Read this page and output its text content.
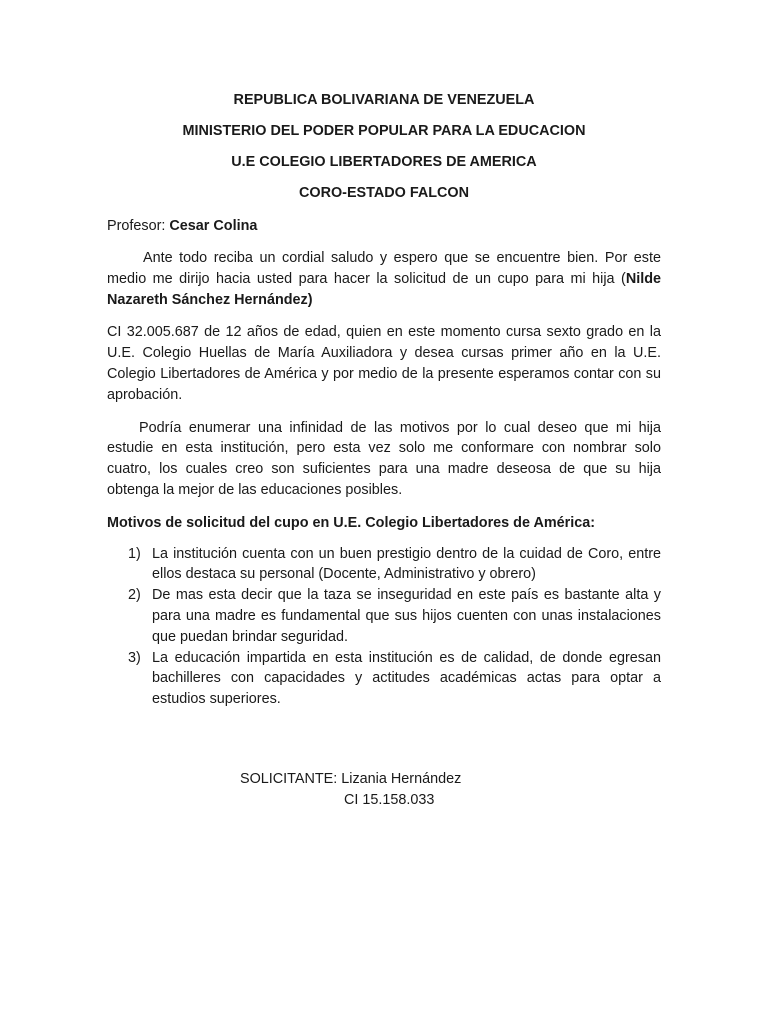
REPUBLICA BOLIVARIANA DE VENEZUELA

MINISTERIO DEL PODER POPULAR PARA LA EDUCACION

U.E COLEGIO LIBERTADORES DE AMERICA

CORO-ESTADO FALCON

Profesor: Cesar Colina

Ante todo reciba un cordial saludo y espero que se encuentre bien. Por este medio me dirijo hacia usted para hacer la solicitud de un cupo para mi hija (Nilde Nazareth Sánchez Hernández)

CI 32.005.687 de 12 años de edad, quien en este momento cursa sexto grado en la U.E. Colegio Huellas de María Auxiliadora y desea cursas primer año en la U.E. Colegio Libertadores de América y por medio de la presente esperamos contar con su aprobación.

Podría enumerar una infinidad de las motivos por lo cual deseo que mi hija estudie en esta institución, pero esta vez solo me conformare con nombrar solo cuatro, los cuales creo son suficientes para una madre deseosa de que su hija obtenga la mejor de las educaciones posibles.

Motivos de solicitud del cupo en U.E. Colegio Libertadores de América:

1) La institución cuenta con un buen prestigio dentro de la cuidad de Coro, entre ellos destaca su personal (Docente, Administrativo y obrero)
2) De mas esta decir que la taza se inseguridad en este país es bastante alta y para una madre es fundamental que sus hijos cuenten con unas instalaciones que puedan brindar seguridad.
3) La educación impartida en esta institución es de calidad, de donde egresan bachilleres con capacidades y actitudes académicas actas para optar a estudios superiores.
SOLICITANTE: Lizania Hernández
CI 15.158.033
